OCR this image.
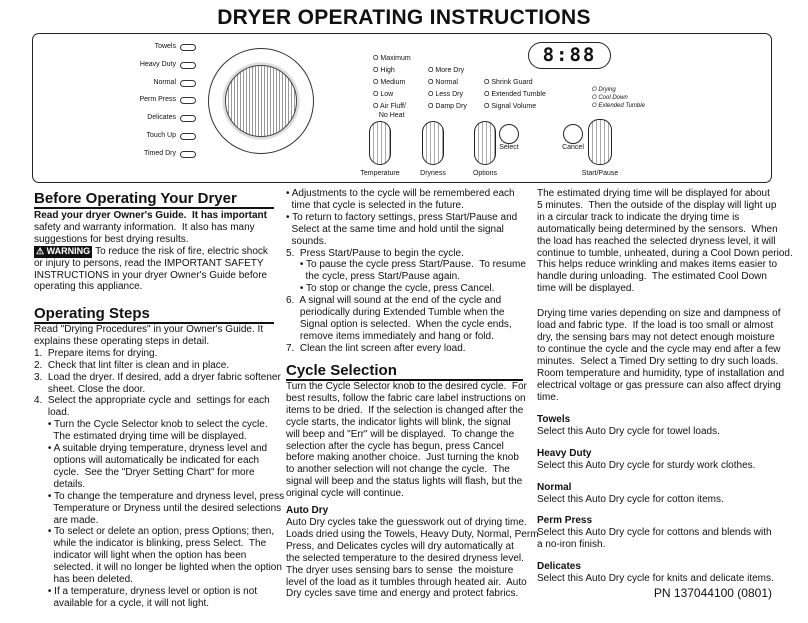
DRYER OPERATING INSTRUCTIONS
Towels
Heavy Duty
Normal
Perm Press
Delicates
Touch Up
Timed Dry
O Maximum
O High
O Medium
O Low
O Air Fluff/
No Heat
O More Dry
O Normal
O Less Dry
O Damp Dry
O Shrink Guard
O Extended Tumble
O Signal Volume
O Drying
O Cool Down
O Extended Tumble
8:88
Temperature	Dryness	Options
Select	Cancel
Start/Pause
Before Operating Your Dryer
Read your dryer Owner's Guide.  It has important
safety and warranty information.  It also has many
suggestions for best drying results.
⚠ WARNING To reduce the risk of fire, electric shock
or injury to persons, read the IMPORTANT SAFETY
INSTRUCTIONS in your dryer Owner's Guide before
operating this appliance.
Operating Steps
Read "Drying Procedures" in your Owner's Guide. It
explains these operating steps in detail.
1.  Prepare items for drying.
2.  Check that lint filter is clean and in place.
3.  Load the dryer. If desired, add a dryer fabric softener
sheet. Close the door.
4.  Select the appropriate cycle and  settings for each
load.
• Turn the Cycle Selector knob to select the cycle.
The estimated drying time will be displayed.
• A suitable drying temperature, dryness level and
options will automatically be indicated for each
cycle.  See the "Dryer Setting Chart" for more
details.
• To change the temperature and dryness level, press
Temperature or Dryness until the desired selections
are made.
• To select or delete an option, press Options; then,
while the indicator is blinking, press Select.  The
indicator will light when the option has been
selected. it will no longer be lighted when the option
has been deleted.
• If a temperature, dryness level or option is not
available for a cycle, it will not light.
• Adjustments to the cycle will be remembered each
time that cycle is selected in the future.
• To return to factory settings, press Start/Pause and
Select at the same time and hold until the signal
sounds.
5.  Press Start/Pause to begin the cycle.
• To pause the cycle press Start/Pause.  To resume
the cycle, press Start/Pause again.
• To stop or change the cycle, press Cancel.
6.  A signal will sound at the end of the cycle and
periodically during Extended Tumble when the
Signal option is selected.  When the cycle ends,
remove items immediately and hang or fold.
7.  Clean the lint screen after every load.
Cycle Selection
Turn the Cycle Selector knob to the desired cycle.  For
best results, follow the fabric care label instructions on
items to be dried.  If the selection is changed after the
cycle starts, the indicator lights will blink, the signal
will beep and "Err" will be displayed.  To change the
selection after the cycle has begun, press Cancel
before making another choice.  Just turning the knob
to another selection will not change the cycle.  The
signal will beep and the status lights will flash, but the
original cycle will continue.
Auto Dry
Auto Dry cycles take the guesswork out of drying time.
Loads dried using the Towels, Heavy Duty, Normal, Perm
Press, and Delicates cycles will dry automatically at
the selected temperature to the desired dryness level.
The dryer uses sensing bars to sense  the moisture
level of the load as it tumbles through heated air.  Auto
Dry cycles save time and energy and protect fabrics.
The estimated drying time will be displayed for about
5 minutes.  Then the outside of the display will light up
in a circular track to indicate the drying time is
automatically being determined by the sensors.  When
the load has reached the selected dryness level, it will
continue to tumble, unheated, during a Cool Down period.
This helps reduce wrinkling and makes items easier to
handle during unloading.  The estimated Cool Down
time will be displayed.
Drying time varies depending on size and dampness of
load and fabric type.  If the load is too small or almost
dry, the sensing bars may not detect enough moisture
to continue the cycle and the cycle may end after a few
minutes.  Select a Timed Dry setting to dry such loads.
Room temperature and humidity, type of installation and
electrical voltage or gas pressure can also affect drying
time.
Towels
Select this Auto Dry cycle for towel loads.
Heavy Duty
Select this Auto Dry cycle for sturdy work clothes.
Normal
Select this Auto Dry cycle for cotton items.
Perm Press
Select this Auto Dry cycle for cottons and blends with
a no-iron finish.
Delicates
Select this Auto Dry cycle for knits and delicate items.
PN 137044100 (0801)
